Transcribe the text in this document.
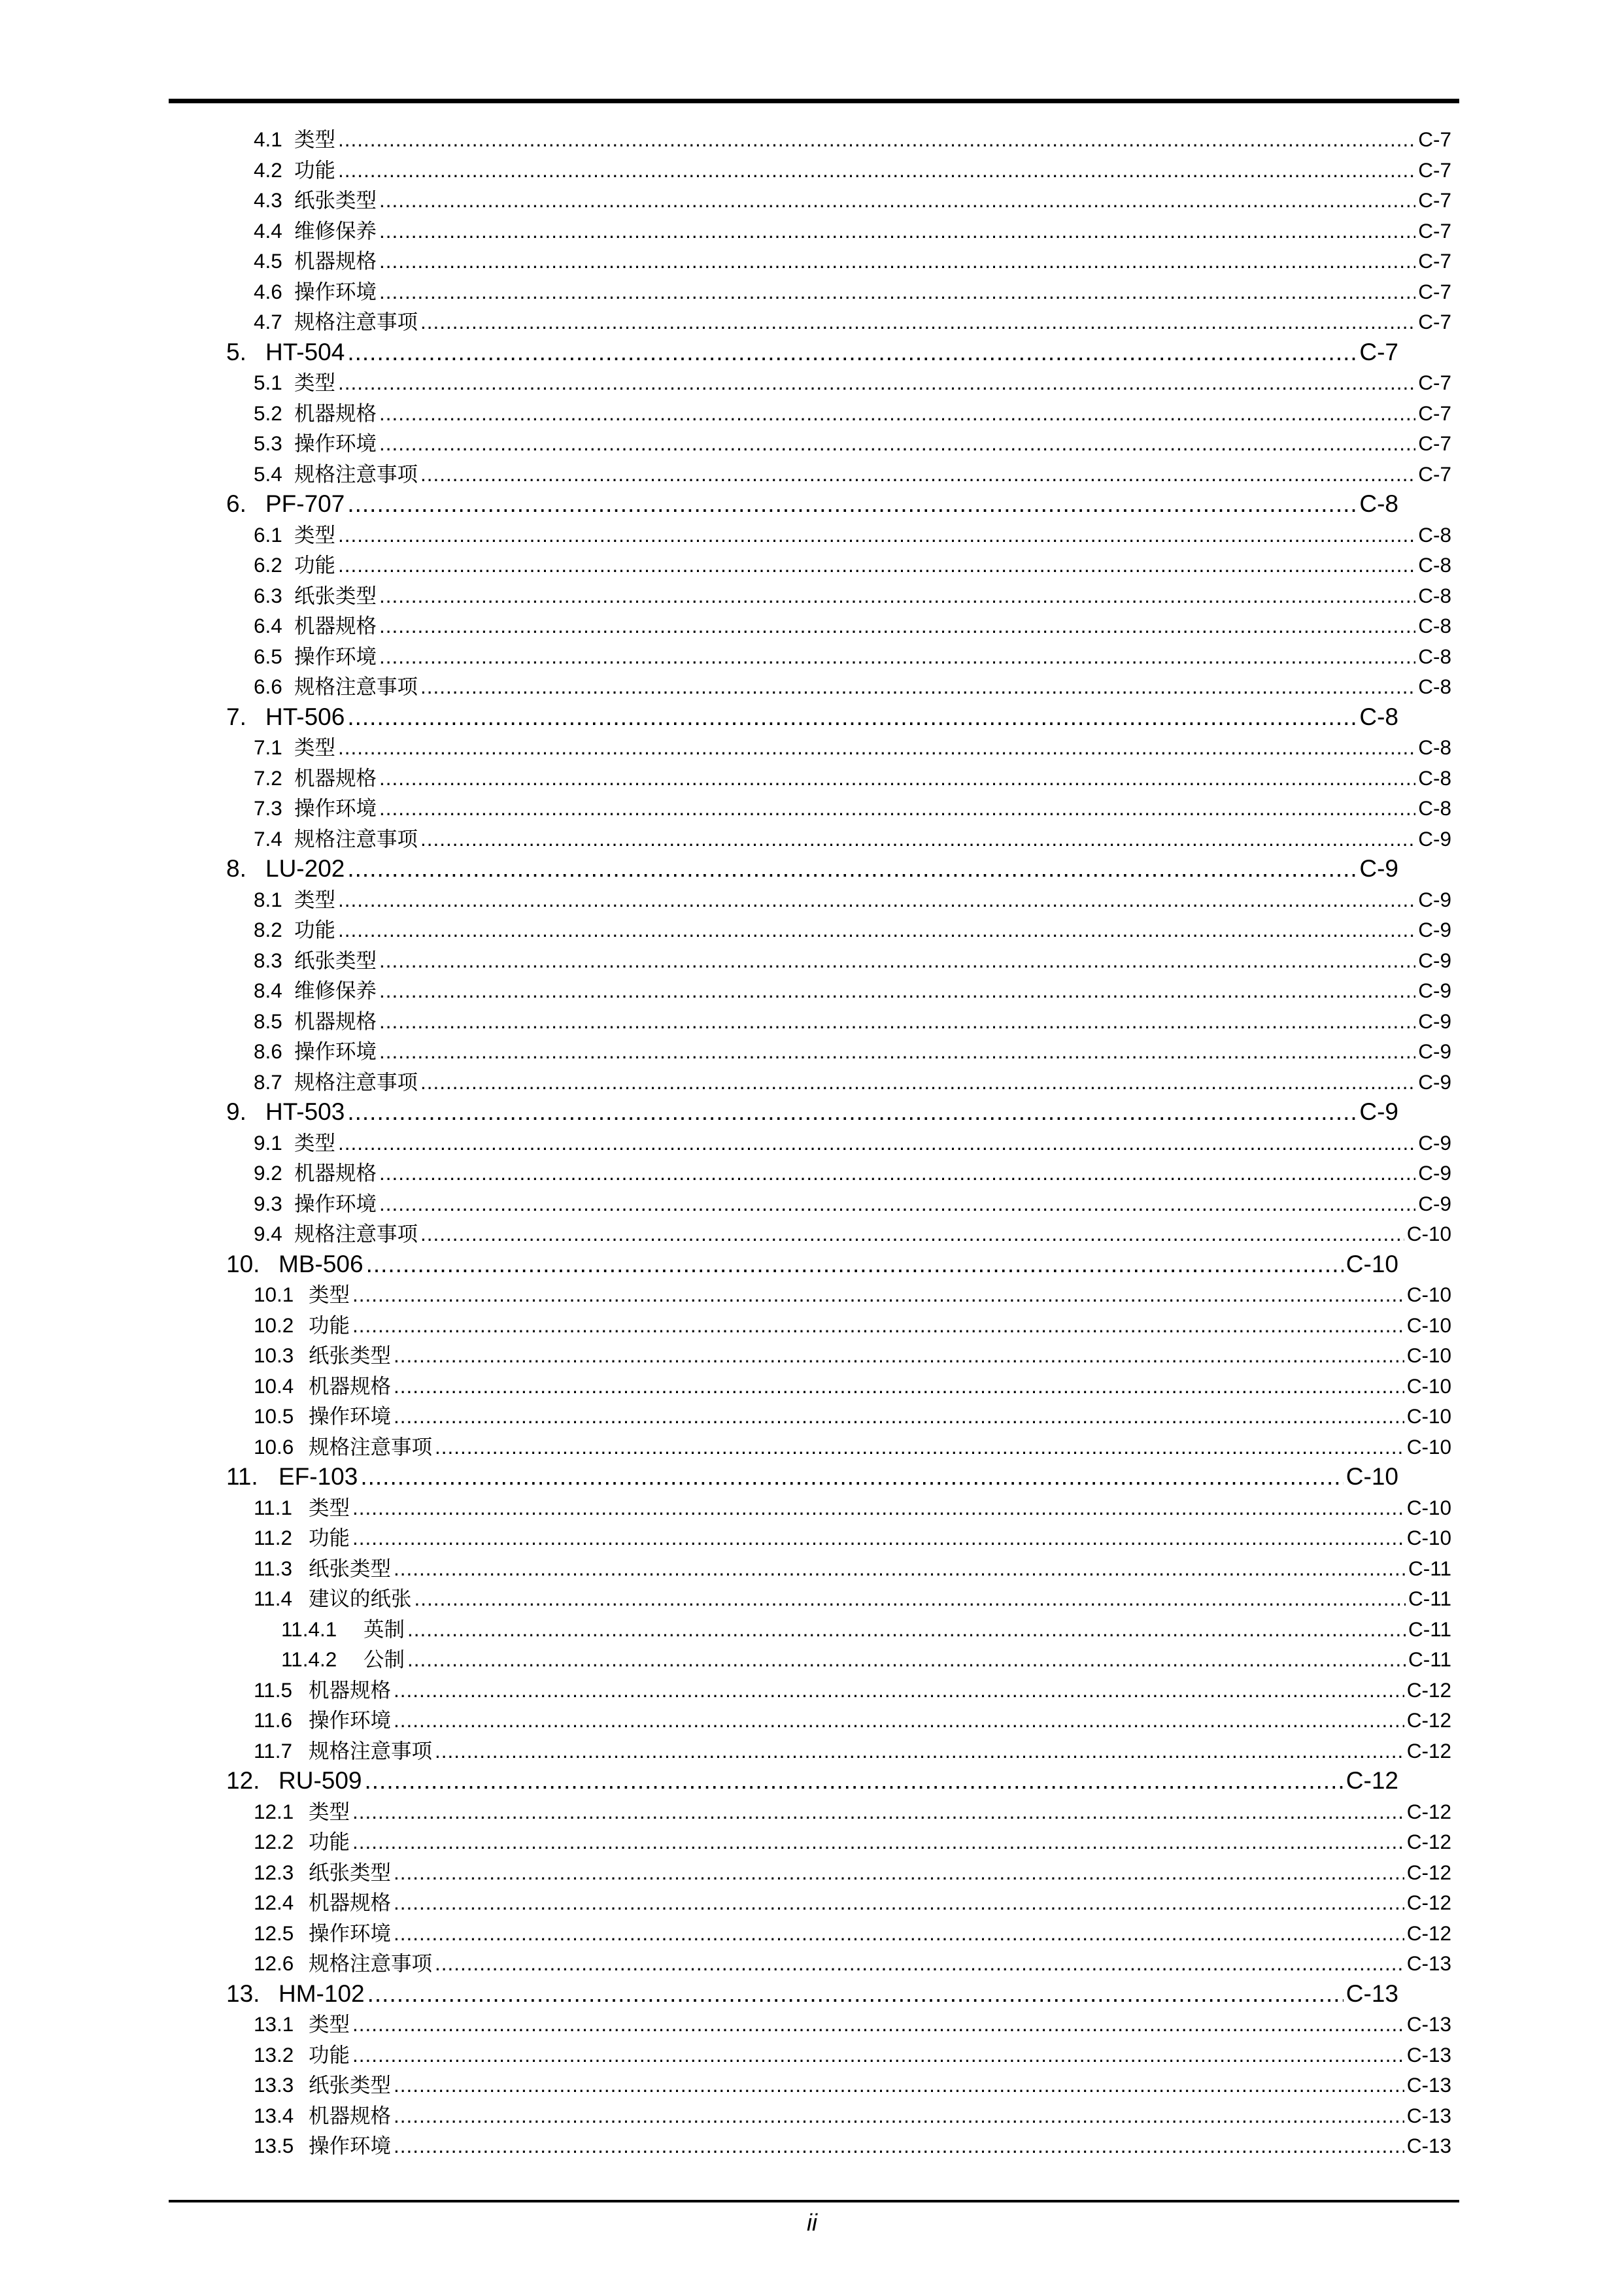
4.1 类型 .....	C-7
4.2 功能 .....	C-7
4.3 纸张类型 .....	C-7
4.4 维修保养 .....	C-7
4.5 机器规格 .....	C-7
4.6 操作环境 .....	C-7
4.7 规格注意事项 .....	C-7
5. HT-504 .....	C-7
5.1 类型 .....	C-7
5.2 机器规格 .....	C-7
5.3 操作环境 .....	C-7
5.4 规格注意事项 .....	C-7
6. PF-707 .....	C-8
6.1 类型 .....	C-8
6.2 功能 .....	C-8
6.3 纸张类型 .....	C-8
6.4 机器规格 .....	C-8
6.5 操作环境 .....	C-8
6.6 规格注意事项 .....	C-8
7. HT-506 .....	C-8
7.1 类型 .....	C-8
7.2 机器规格 .....	C-8
7.3 操作环境 .....	C-8
7.4 规格注意事项 .....	C-9
8. LU-202 .....	C-9
8.1 类型 .....	C-9
8.2 功能 .....	C-9
8.3 纸张类型 .....	C-9
8.4 维修保养 .....	C-9
8.5 机器规格 .....	C-9
8.6 操作环境 .....	C-9
8.7 规格注意事项 .....	C-9
9. HT-503 .....	C-9
9.1 类型 .....	C-9
9.2 机器规格 .....	C-9
9.3 操作环境 .....	C-9
9.4 规格注意事项 .....	C-10
10. MB-506 .....	C-10
10.1 类型 .....	C-10
10.2 功能 .....	C-10
10.3 纸张类型 .....	C-10
10.4 机器规格 .....	C-10
10.5 操作环境 .....	C-10
10.6 规格注意事项 .....	C-10
11. EF-103 .....	C-10
11.1 类型 .....	C-10
11.2 功能 .....	C-10
11.3 纸张类型 .....	C-11
11.4 建议的纸张 .....	C-11
11.4.1	英制 .....	C-11
11.4.2	公制 .....	C-11
11.5 机器规格 .....	C-12
11.6 操作环境 .....	C-12
11.7 规格注意事项 .....	C-12
12. RU-509 .....	C-12
12.1 类型 .....	C-12
12.2 功能 .....	C-12
12.3 纸张类型 .....	C-12
12.4 机器规格 .....	C-12
12.5 操作环境 .....	C-12
12.6 规格注意事项 .....	C-13
13. HM-102 .....	C-13
13.1 类型 .....	C-13
13.2 功能 .....	C-13
13.3 纸张类型 .....	C-13
13.4 机器规格 .....	C-13
13.5 操作环境 .....	C-13
ii
